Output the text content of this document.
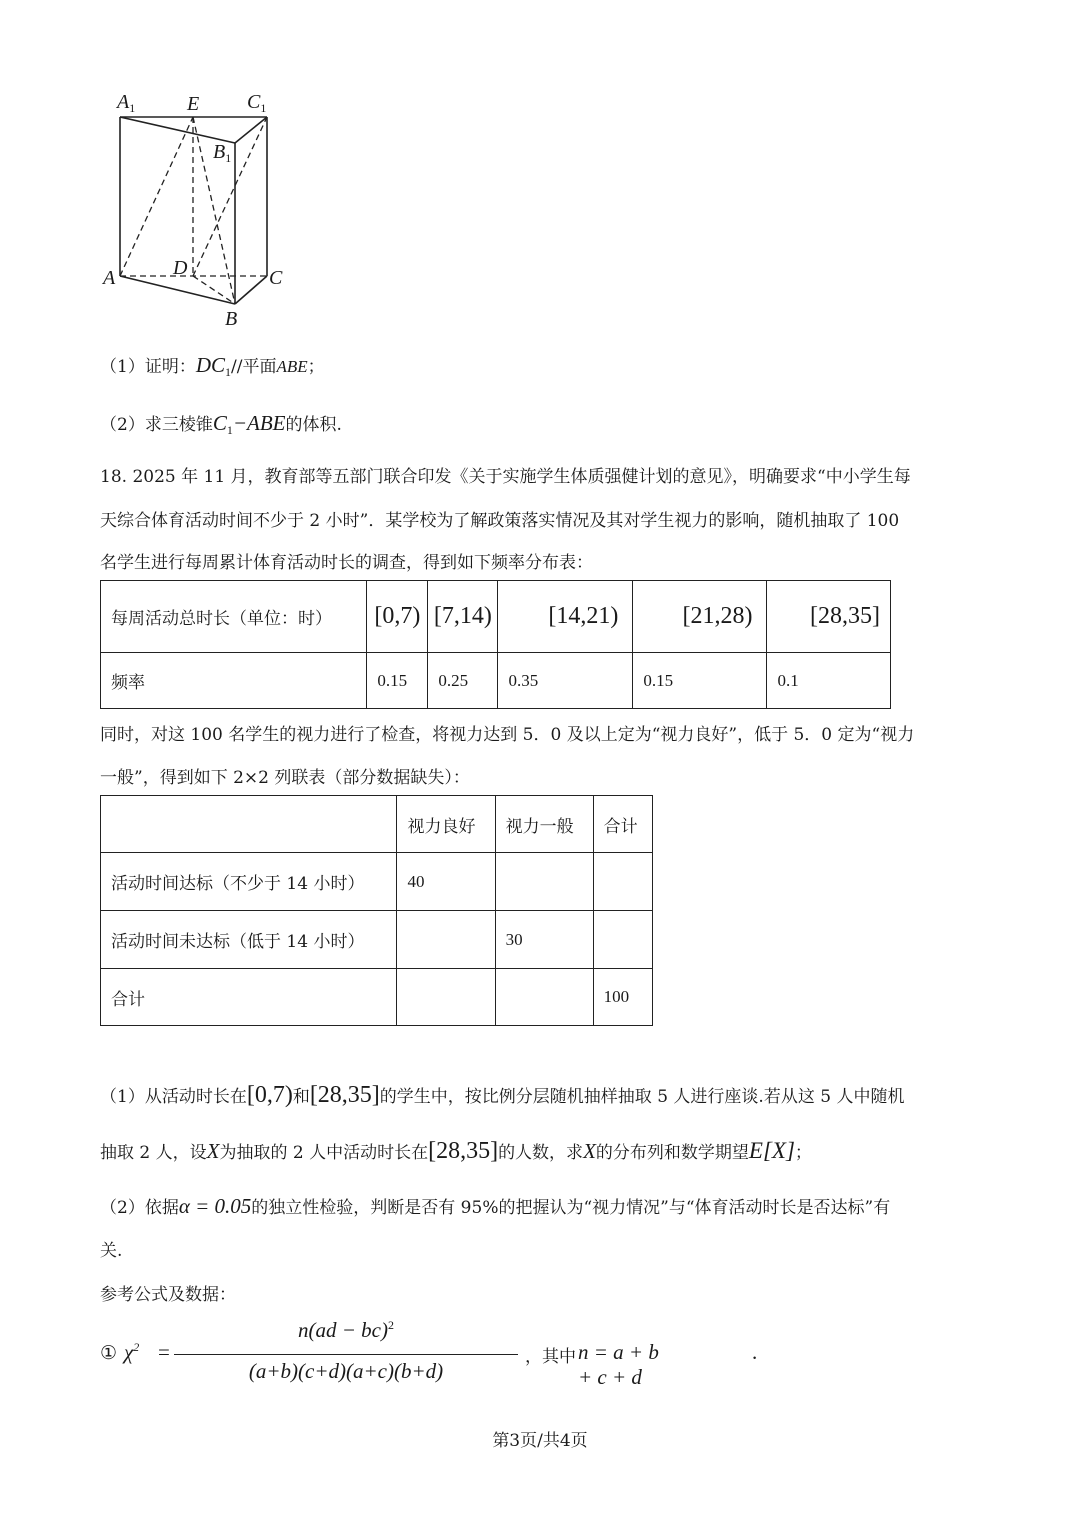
$A_1$	E $C_1$
$B_1$
A	D	C
B
（1）证明：$DC_1//$平面ABE；
（2）求三棱锥$C_1-ABE$的体积.
18. 2025 年 11 月，教育部等五部门联合印发《关于实施学生体质强健计划的意见》，明确要求“中小学生每
天综合体育活动时间不少于 2 小时”．某学校为了解政策落实情况及其对学生视力的影响，随机抽取了 100
名学生进行每周累计体育活动时长的调查，得到如下频率分布表：
每周活动总时长（单位：时）	[0,7)	[7,14)	[14,21)	[21,28)	[28,35]
频率	0.15	0.25	0.35	0.15	0.1
同时，对这 100 名学生的视力进行了检查，将视力达到 5．0 及以上定为“视力良好”，低于 5．0 定为“视力
一般”，得到如下 2×2 列联表（部分数据缺失）：
	视力良好	视力一般	合计
活动时间达标（不少于 14 小时）	40		
活动时间未达标（低于 14 小时）		30	
合计			100
（1）从活动时长在[0,7)和[28,35]的学生中，按比例分层随机抽样抽取 5 人进行座谈.若从这 5 人中随机
抽取 2 人，设X为抽取的 2 人中活动时长在[28,35]的人数，求X的分布列和数学期望E[X]；
（2）依据α = 0.05的独立性检验，判断是否有 95%的把握认为“视力情况”与“体育活动时长是否达标”有
关.
参考公式及数据：
① $\chi^2$ =
n(ad − bc)$^2$
(a+b)(c+d)(a+c)(b+d)
，其中 n = a + b + c + d
.
第3页/共4页
